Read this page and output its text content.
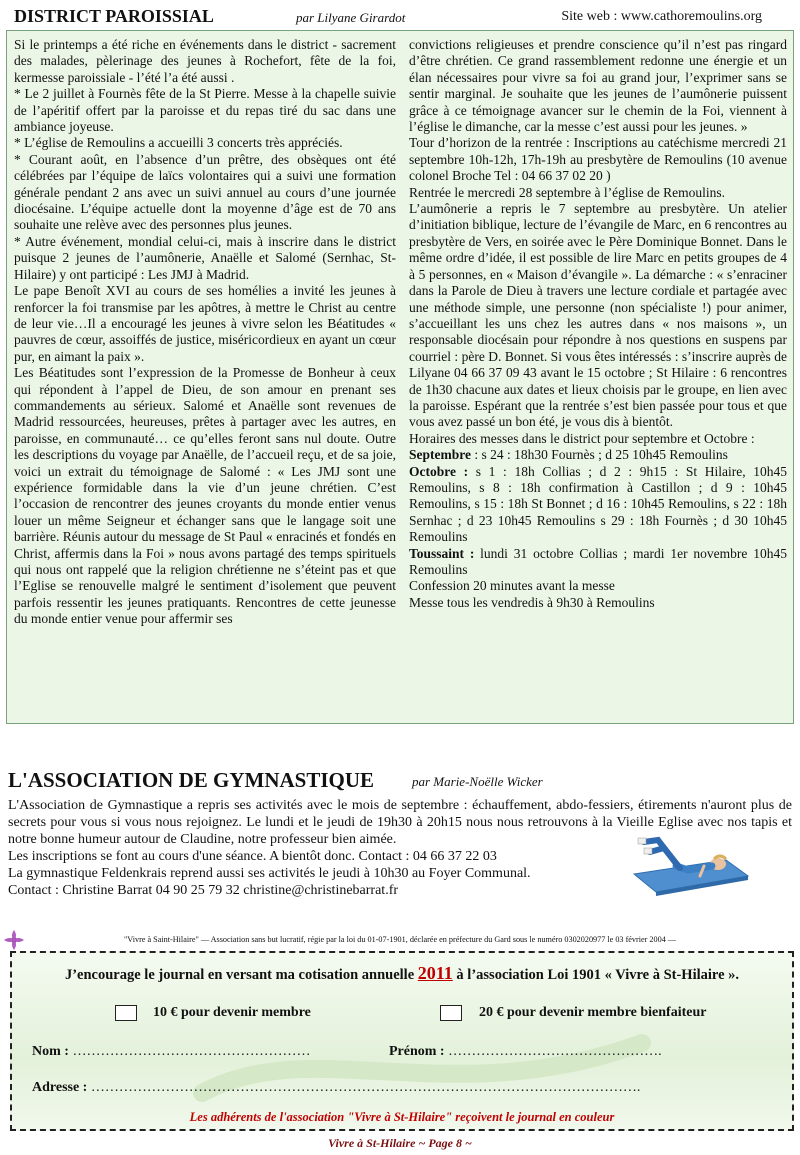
DISTRICT PAROISSIAL	par Lilyane Girardot	Site web : www.cathoremoulins.org

Si le printemps a été riche en événements dans le district - sacrement des malades, pèlerinage des jeunes à Rochefort, fête de la foi, kermesse paroissiale - l’été l’a été aussi .

* Le 2 juillet à Fournès fête de la St Pierre. Messe à la chapelle suivie de l’apéritif offert par la paroisse et du repas tiré du sac dans une ambiance joyeuse.

* L’église de Remoulins a accueilli 3 concerts très appréciés.

* Courant août, en l’absence d’un prêtre, des obsèques ont été célébrées par l’équipe de laïcs volontaires qui a suivi une formation générale pendant 2 ans avec un suivi annuel au cours d’une journée diocésaine. L’équipe actuelle dont la moyenne d’âge est de 70 ans souhaite une relève avec des personnes plus jeunes.

* Autre événement, mondial celui-ci, mais à inscrire dans le district puisque 2 jeunes de l’aumônerie, Anaëlle et Salomé (Sernhac, St-Hilaire) y ont participé : Les JMJ à Madrid.

Le pape Benoît XVI au cours de ses homélies a invité les jeunes à renforcer la foi transmise par les apôtres, à mettre le Christ au centre de leur vie…Il a encouragé les jeunes à vivre selon les Béatitudes « pauvres de cœur, assoiffés de justice, miséricordieux en ayant un cœur pur, en aimant la paix ».

Les Béatitudes sont l’expression de la Promesse de Bonheur à ceux qui répondent à l’appel de Dieu, de son amour en prenant ses commandements au sérieux. Salomé et Anaëlle sont revenues de Madrid ressourcées, heureuses, prêtes à partager avec les autres, en paroisse, en communauté… ce qu’elles feront sans nul doute. Outre les descriptions du voyage par Anaëlle, de l’accueil reçu, et de sa joie, voici un extrait du témoignage de Salomé : « Les JMJ sont une expérience formidable dans la vie d’un jeune chrétien. C’est l’occasion de rencontrer des jeunes croyants du monde entier venus louer un même Seigneur et échanger sans que le langage soit une barrière. Réunis autour du message de St Paul « enracinés et fondés en Christ, affermis dans la Foi » nous avons partagé des temps spirituels qui nous ont rappelé que la religion chrétienne ne s’éteint pas et que l’Eglise se renouvelle malgré le sentiment d’isolement que peuvent parfois ressentir les jeunes pratiquants. Rencontres de cette jeunesse du monde entier venue pour affermir ses

convictions religieuses et prendre conscience qu’il n’est pas ringard d’être chrétien. Ce grand rassemblement redonne une énergie et un élan nécessaires pour vivre sa foi au grand jour, l’exprimer sans se sentir marginal. Je souhaite que les jeunes de l’aumônerie puissent grâce à ce témoignage avancer sur le chemin de la Foi, viennent à l’église le dimanche, car la messe c’est aussi pour les jeunes. »

Tour d’horizon de la rentrée : Inscriptions au catéchisme mercredi 21 septembre 10h-12h, 17h-19h au presbytère de Remoulins (10 avenue colonel Broche Tel : 04 66 37 02 20 )

Rentrée le mercredi 28 septembre à l’église de Remoulins.

L’aumônerie a repris le 7 septembre au presbytère. Un atelier d’initiation biblique, lecture de l’évangile de Marc, en 6 rencontres au presbytère de Vers, en soirée avec le Père Dominique Bonnet. Dans le même ordre d’idée, il est possible de lire Marc en petits groupes de 4 à 5 personnes, en « Maison d’évangile ». La démarche : « s’enraciner dans la Parole de Dieu à travers une lecture cordiale et partagée avec une méthode simple, une personne (non spécialiste !) pour animer, s’accueillant les uns chez les autres dans « nos maisons », un responsable diocésain pour répondre à nos questions en suspens par courriel : père D. Bonnet. Si vous êtes intéressés : s’inscrire auprès de Lilyane 04 66 37 09 43 avant le 15 octobre ; St Hilaire : 6 rencontres de 1h30 chacune aux dates et lieux choisis par le groupe, en lien avec la paroisse. Espérant que la rentrée s’est bien passée pour tous et que vous avez passé un bon été, je vous dis à bientôt.

Horaires des messes dans le district pour septembre et Octobre :

Septembre : s 24 : 18h30 Fournès ; d 25 10h45 Remoulins

Octobre : s 1 : 18h Collias ; d 2 : 9h15 : St Hilaire, 10h45 Remoulins, s 8 : 18h confirmation à Castillon ; d 9 : 10h45 Remoulins, s 15 : 18h St Bonnet ; d 16 : 10h45 Remoulins, s 22 : 18h Sernhac ; d 23 10h45 Remoulins s 29 : 18h Fournès ; d 30 10h45 Remoulins

Toussaint : lundi 31 octobre Collias ; mardi 1er novembre 10h45 Remoulins

Confession 20 minutes avant la messe

Messe tous les vendredis à 9h30 à Remoulins

L'ASSOCIATION DE GYMNASTIQUE	par Marie-Noëlle Wicker

L'Association de Gymnastique a repris ses activités avec le mois de septembre : échauffement, abdo-fessiers, étirements n'auront plus de secrets pour vous si vous nous rejoignez. Le lundi et le jeudi de 19h30 à 20h15 nous nous retrouvons à la Vieille Eglise avec nos tapis et notre bonne humeur autour de Claudine, notre professeur bien aimée.

Les inscriptions se font au cours d'une séance. A bientôt donc. Contact : 04 66 37 22 03

La gymnastique Feldenkrais reprend aussi ses activités le jeudi à 10h30 au Foyer Communal.

Contact : Christine Barrat 04 90 25 79 32 christine@christinebarrat.fr

"Vivre à Saint-Hilaire" — Association sans but lucratif, régie par la loi du 01-07-1901, déclarée en préfecture du Gard sous le numéro 0302020977 le 03 février 2004 —
J’encourage le journal en versant ma cotisation annuelle 2011 à l’association Loi 1901 « Vivre à St-Hilaire ».
10 € pour devenir membre	20 € pour devenir membre bienfaiteur
Nom : ……………………………………………	Prénom : ……………………………………….
Adresse : ……………………………………………………………………………………………………….
Les adhérents de l'association "Vivre à St-Hilaire" reçoivent le journal en couleur
Vivre à St-Hilaire ~ Page 8 ~
